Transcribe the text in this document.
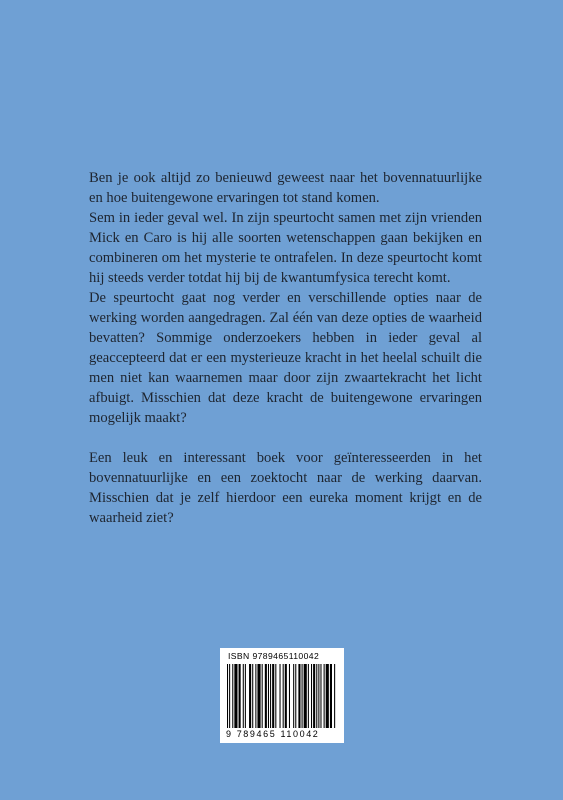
Ben je ook altijd zo benieuwd geweest naar het bovennatuurlijke en hoe buitengewone ervaringen tot stand komen.

Sem in ieder geval wel. In zijn speurtocht samen met zijn vrienden Mick en Caro is hij alle soorten wetenschappen gaan bekijken en combineren om het mysterie te ontrafelen. In deze speurtocht komt hij steeds verder totdat hij bij de kwantumfysica terecht komt.

De speurtocht gaat nog verder en verschillende opties naar de werking worden aangedragen. Zal één van deze opties de waarheid bevatten? Sommige onderzoekers hebben in ieder geval al geaccepteerd dat er een mysterieuze kracht in het heelal schuilt die men niet kan waarnemen maar door zijn zwaartekracht het licht afbuigt. Misschien dat deze kracht de buitengewone ervaringen mogelijk maakt?

Een leuk en interessant boek voor geïnteresseerden in het bovennatuurlijke en een zoektocht naar de werking daarvan. Misschien dat je zelf hierdoor een eureka moment krijgt en de waarheid ziet?

ISBN 9789465110042
9 789465 110042
